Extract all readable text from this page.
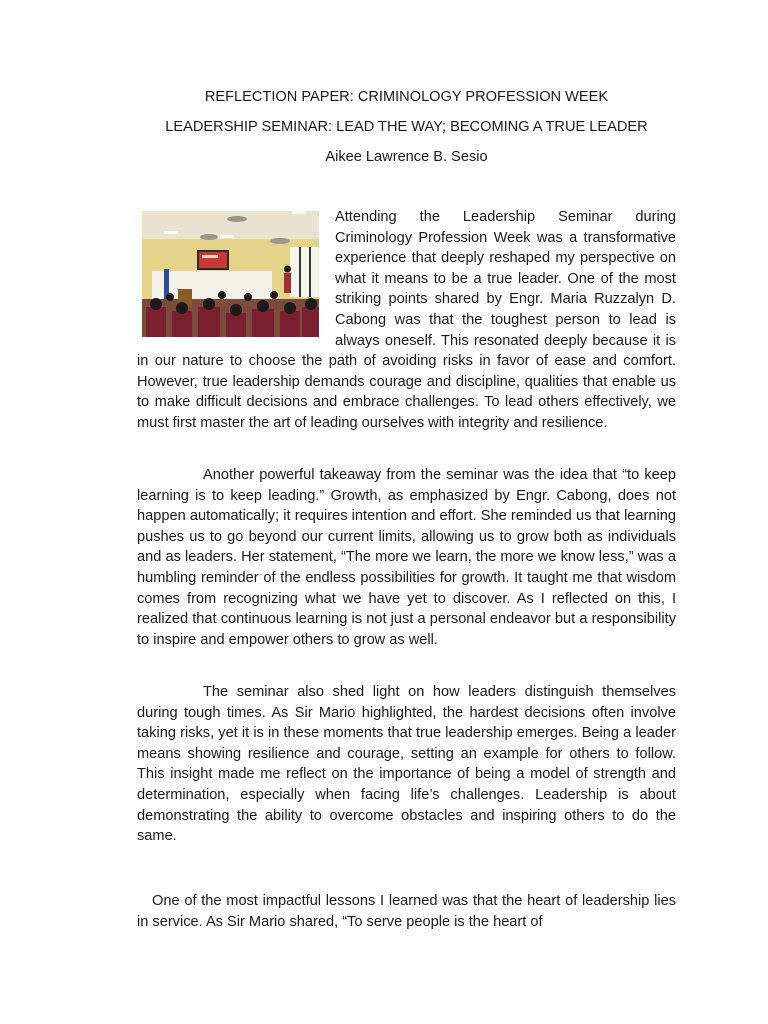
REFLECTION PAPER: CRIMINOLOGY PROFESSION WEEK
LEADERSHIP SEMINAR: LEAD THE WAY; BECOMING A TRUE LEADER
Aikee Lawrence B. Sesio
Attending the Leadership Seminar during Criminology Profession Week was a transformative experience that deeply reshaped my perspective on what it means to be a true leader. One of the most striking points shared by Engr. Maria Ruzzalyn D. Cabong was that the toughest person to lead is always oneself. This resonated deeply because it is in our nature to choose the path of avoiding risks in favor of ease and comfort. However, true leadership demands courage and discipline, qualities that enable us to make difficult decisions and embrace challenges. To lead others effectively, we must first master the art of leading ourselves with integrity and resilience.

Another powerful takeaway from the seminar was the idea that “to keep learning is to keep leading.” Growth, as emphasized by Engr. Cabong, does not happen automatically; it requires intention and effort. She reminded us that learning pushes us to go beyond our current limits, allowing us to grow both as individuals and as leaders. Her statement, “The more we learn, the more we know less,” was a humbling reminder of the endless possibilities for growth. It taught me that wisdom comes from recognizing what we have yet to discover. As I reflected on this, I realized that continuous learning is not just a personal endeavor but a responsibility to inspire and empower others to grow as well.

The seminar also shed light on how leaders distinguish themselves during tough times. As Sir Mario highlighted, the hardest decisions often involve taking risks, yet it is in these moments that true leadership emerges. Being a leader means showing resilience and courage, setting an example for others to follow. This insight made me reflect on the importance of being a model of strength and determination, especially when facing life’s challenges. Leadership is about demonstrating the ability to overcome obstacles and inspiring others to do the same.

One of the most impactful lessons I learned was that the heart of leadership lies in service. As Sir Mario shared, “To serve people is the heart of
